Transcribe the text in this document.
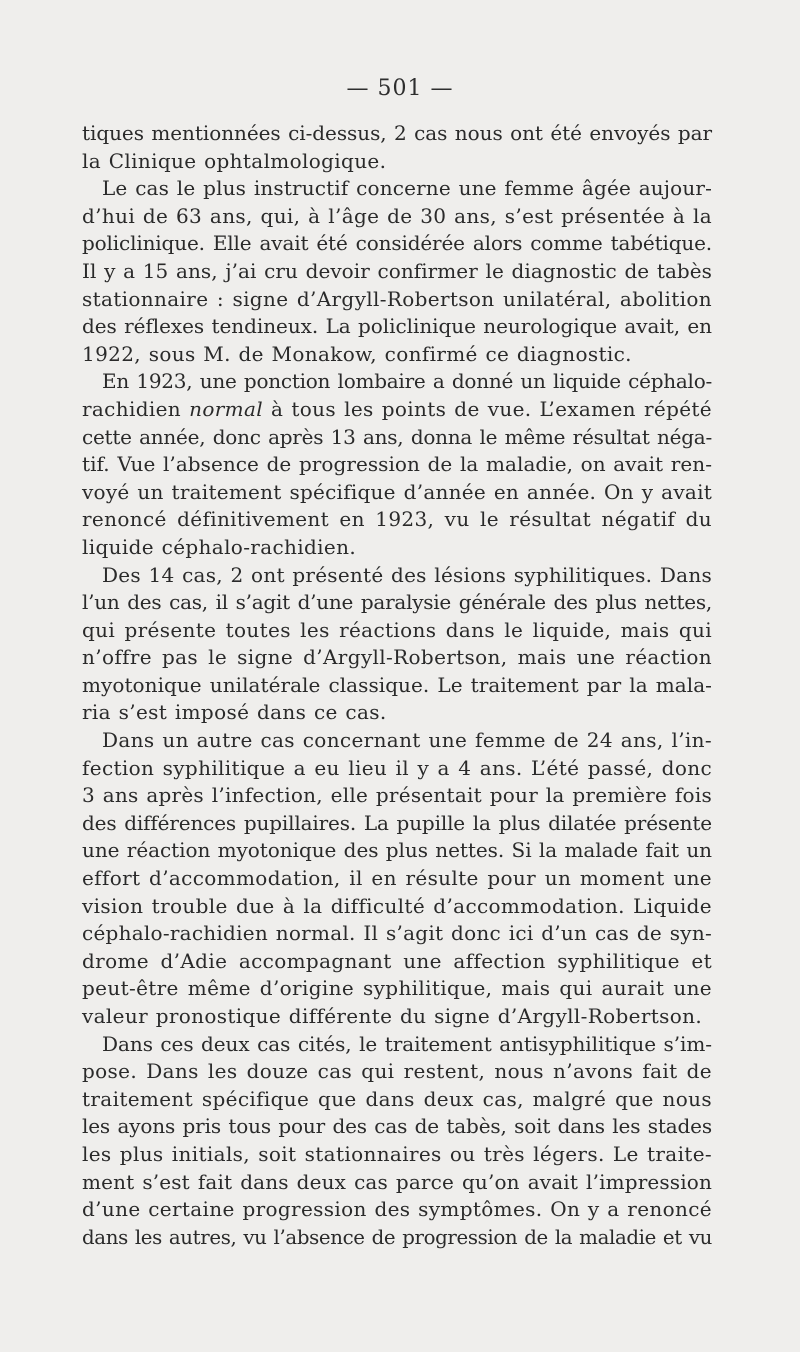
— 501 —
tiques mentionnées ci-dessus, 2 cas nous ont été envoyés par
la Clinique ophtalmologique.
Le cas le plus instructif concerne une femme âgée aujour-
d’hui de 63 ans, qui, à l’âge de 30 ans, s’est présentée à la
policlinique. Elle avait été considérée alors comme tabétique.
Il y a 15 ans, j’ai cru devoir confirmer le diagnostic de tabès
stationnaire : signe d’Argyll-Robertson unilatéral, abolition
des réflexes tendineux. La policlinique neurologique avait, en
1922, sous M. de Monakow, confirmé ce diagnostic.
En 1923, une ponction lombaire a donné un liquide céphalo-
rachidien normal à tous les points de vue. L’examen répété
cette année, donc après 13 ans, donna le même résultat néga-
tif. Vue l’absence de progression de la maladie, on avait ren-
voyé un traitement spécifique d’année en année. On y avait
renoncé définitivement en 1923, vu le résultat négatif du
liquide céphalo-rachidien.
Des 14 cas, 2 ont présenté des lésions syphilitiques. Dans
l’un des cas, il s’agit d’une paralysie générale des plus nettes,
qui présente toutes les réactions dans le liquide, mais qui
n’offre pas le signe d’Argyll-Robertson, mais une réaction
myotonique unilatérale classique. Le traitement par la mala-
ria s’est imposé dans ce cas.
Dans un autre cas concernant une femme de 24 ans, l’in-
fection syphilitique a eu lieu il y a 4 ans. L’été passé, donc
3 ans après l’infection, elle présentait pour la première fois
des différences pupillaires. La pupille la plus dilatée présente
une réaction myotonique des plus nettes. Si la malade fait un
effort d’accommodation, il en résulte pour un moment une
vision trouble due à la difficulté d’accommodation. Liquide
céphalo-rachidien normal. Il s’agit donc ici d’un cas de syn-
drome d’Adie accompagnant une affection syphilitique et
peut-être même d’origine syphilitique, mais qui aurait une
valeur pronostique différente du signe d’Argyll-Robertson.
Dans ces deux cas cités, le traitement antisyphilitique s’im-
pose. Dans les douze cas qui restent, nous n’avons fait de
traitement spécifique que dans deux cas, malgré que nous
les ayons pris tous pour des cas de tabès, soit dans les stades
les plus initials, soit stationnaires ou très légers. Le traite-
ment s’est fait dans deux cas parce qu’on avait l’impression
d’une certaine progression des symptômes. On y a renoncé
dans les autres, vu l’absence de progression de la maladie et vu
